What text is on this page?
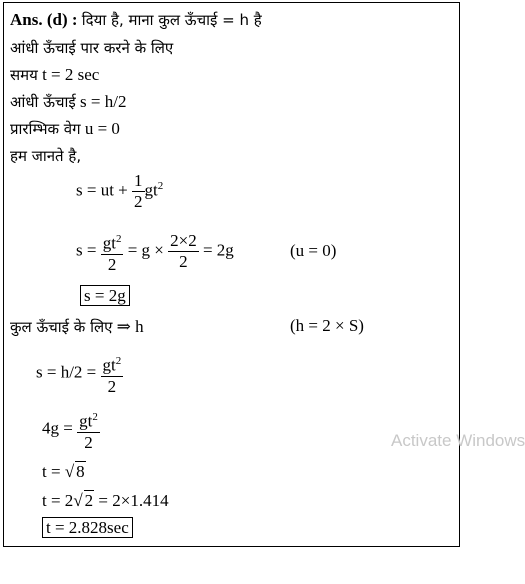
Ans. (d) : दिया है, माना कुल ऊँचाई = h है
आंधी ऊँचाई पार करने के लिए
समय t = 2 sec
आंधी ऊँचाई s = h/2
प्रारम्भिक वेग u = 0
हम जानते है,
s = ut + $\frac{1}{2} gt^2$
$s = \frac{gt^2}{2} = g \times \frac{2\times 2}{2} = 2g$	(u = 0)
s = 2g
कुल ऊँचाई के लिए ⇒ h	(h = 2 × S)
$s = h/2 = \frac{gt^2}{2}$
$4g = \frac{gt^2}{2}$
t = √ 8
t = 2√ 2 = 2×1.414
t = 2.828sec
Activate Windows
